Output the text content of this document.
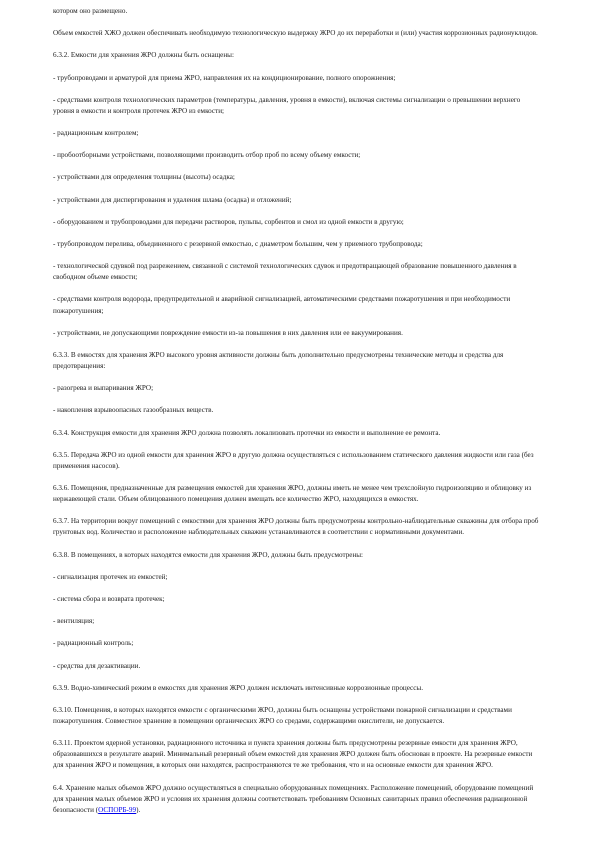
котором оно размещено.

Объем емкостей ХЖО должен обеспечивать необходимую технологическую выдержку ЖРО до их переработки и (или) участия коррозионных радионуклидов.

6.3.2. Емкости для хранения ЖРО должны быть оснащены:

- трубопроводами и арматурой для приема ЖРО, направления их на кондиционирование, полного опорожнения;

- средствами контроля технологических параметров (температуры, давления, уровня в емкости), включая системы сигнализации о превышении верхнего уровня в емкости и контроля протечек ЖРО из емкости;

- радиационным контролем;

- пробоотборными устройствами, позволяющими производить отбор проб по всему объему емкости;

- устройствами для определения толщины (высоты) осадка;

- устройствами для диспергирования и удаления шлама (осадка) и отложений;

- оборудованием и трубопроводами для передачи растворов, пульпы, сорбентов и смол из одной емкости в другую;

- трубопроводом перелива, объединенного с резервной емкостью, с диаметром большим, чем у приемного трубопровода;

- технологической сдувкой под разрежением, связанной с системой технологических сдувок и предотвращающей образование повышенного давления в свободном объеме емкости;

- средствами контроля водорода, предупредительной и аварийной сигнализацией, автоматическими средствами пожаротушения и при необходимости пожаротушения;

- устройствами, не допускающими повреждение емкости из-за повышения в них давления или ее вакуумирования.

6.3.3. В емкостях для хранения ЖРО высокого уровня активности должны быть дополнительно предусмотрены технические методы и средства для предотвращения:

- разогрева и выпаривания ЖРО;

- накопления взрывоопасных газообразных веществ.

6.3.4. Конструкция емкости для хранения ЖРО должна позволять локализовать протечки из емкости и выполнение ее ремонта.

6.3.5. Передача ЖРО из одной емкости для хранения ЖРО в другую должна осуществляться с использованием статического давления жидкости или газа (без применения насосов).

6.3.6. Помещения, предназначенные для размещения емкостей для хранения ЖРО, должны иметь не менее чем трехслойную гидроизоляцию и облицовку из нержавеющей стали. Объем облицованного помещения должен вмещать все количество ЖРО, находящихся в емкостях.

6.3.7. На территории вокруг помещений с емкостями для хранения ЖРО должны быть предусмотрены контрольно-наблюдательные скважины для отбора проб грунтовых вод. Количество и расположение наблюдательных скважин устанавливаются в соответствии с нормативными документами.

6.3.8. В помещениях, в которых находятся емкости для хранения ЖРО, должны быть предусмотрены:

- сигнализация протечек из емкостей;

- система сбора и возврата протечек;

- вентиляция;

- радиационный контроль;

- средства для дезактивации.

6.3.9. Водно-химический режим в емкостях для хранения ЖРО должен исключать интенсивные коррозионные процессы.

6.3.10. Помещения, в которых находятся емкости с органическими ЖРО, должны быть оснащены устройствами пожарной сигнализации и средствами пожаротушения. Совместное хранение в помещении органических ЖРО со средами, содержащими окислители, не допускается.

6.3.11. Проектом ядерной установки, радиационного источника и пункта хранения должны быть предусмотрены резервные емкости для хранения ЖРО, образовавшихся в результате аварий. Минимальный резервный объем емкостей для хранения ЖРО должен быть обоснован в проекте. На резервные емкости для хранения ЖРО и помещения, в которых они находятся, распространяются те же требования, что и на основные емкости для хранения ЖРО.

6.4. Хранение малых объемов ЖРО должно осуществляться в специально оборудованных помещениях. Расположение помещений, оборудование помещений для хранения малых объемов ЖРО и условия их хранения должны соответствовать требованиям Основных санитарных правил обеспечения радиационной безопасности (ОСПОРБ-99).
